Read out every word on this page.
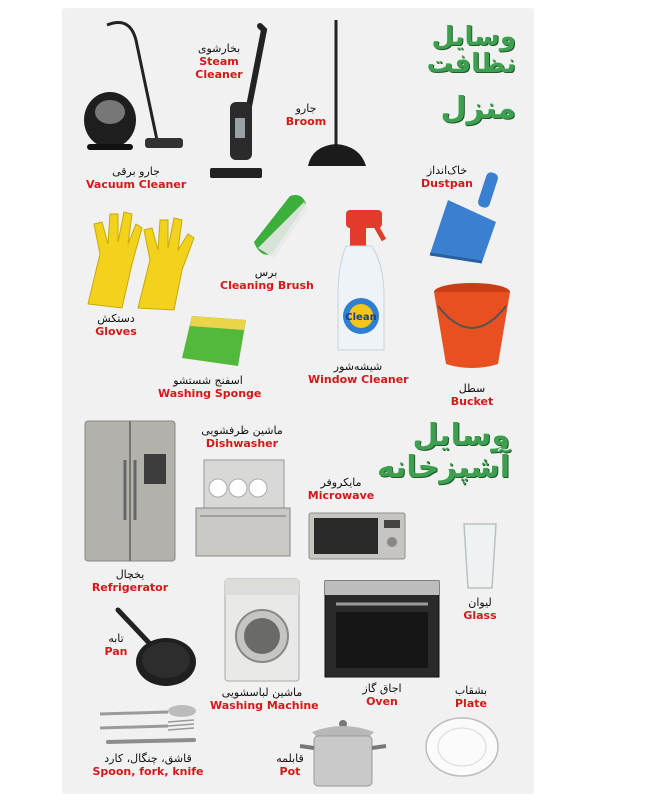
وسایل نظافت
منزل
وسایل
آشپزخانه
جارو برقی
Vacuum Cleaner
بخارشوی
Steam
Cleaner
جارو
Broom
خاک‌انداز
Dustpan
دستکش
Gloves
برس
Cleaning Brush
Clean
شیشه‌شور
Window Cleaner
سطل
Bucket
اسفنج شستشو
Washing Sponge
یخچال
Refrigerator
ماشین ظرفشویی
Dishwasher
مایکروفر
Microwave
لیوان
Glass
تابه
Pan
ماشین لباسشویی
Washing Machine
اجاق گاز
Oven
بشقاب
Plate
قاشق، چنگال، کارد
Spoon, fork, knife
قابلمه
Pot
